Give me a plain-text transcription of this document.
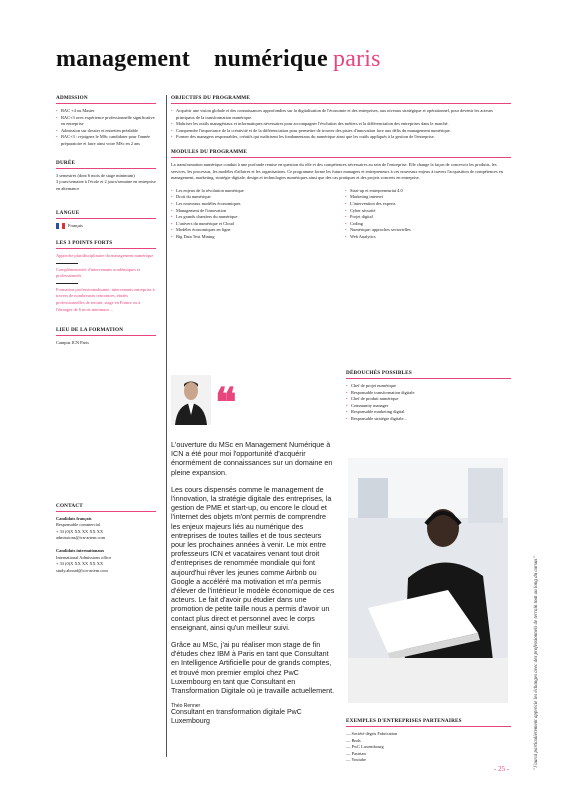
management numérique paris
ADMISSION
• BAC +4 ou Master
• BAC+3 avec expérience professionnelle significative en entreprise
• Admission sur dossier et entretien préalable
• BAC+3 : rejoignez le MSc candidater pour l'année préparatoire et faire ainsi votre MSc en 2 ans
DURÉE
3 semestres (dont 6 mois de stage minimum)
3 jours/semaine à l'école et 2 jours/semaine en entreprise en alternance
LANGUE
Français
LES 3 POINTS FORTS
Approche pluridisciplinaire du management numérique
Complémentarité d'intervenants académiques et professionnels
Formation professionnalisante: intervenants entreprise à travers de nombreuses rencontres, études professionnelles de terrain, stage en France ou à l'étranger de 6 mois minimum ...
LIEU DE LA FORMATION
Campus ICN Paris
CONTACT
Candidats français
Responsable commercial
+ 33 (0)X XX XX XX XX
admissions@icn-artem.com
Candidats internationaux
International Admissions office
+ 33 (0)X XX XX XX XX
study.abroad@icn-artem.com
OBJECTIFS DU PROGRAMME
• Acquérir une vision globale et des connaissances approfondies sur la digitalisation de l'économie et des entreprises, aux niveaux stratégique et opérationnel, pour devenir les acteurs principaux de la transformation numérique.
• Maîtriser les outils managériaux et informatiques nécessaires pour accompagner l'évolution des métiers et la différenciation des entreprises dans le marché.
• Comprendre l'importance de la créativité et de la différenciation pour permettre de trouver des pistes d'innovation face aux défis du management numérique.
• Former des managers responsables, créatifs qui maîtrisent les fondamentaux du numérique ainsi que les outils appliqués à la gestion de l'entreprise.
MODULES DU PROGRAMME
La transformation numérique conduit à une profonde remise en question du rôle et des compétences nécessaires au sein de l'entreprise. Elle change la façon de concevoir les produits, les services, les processus, les modèles d'affaires et les organisations. Ce programme forme les futurs managers et entrepreneurs à ces nouveaux enjeux à travers l'acquisition de compétences en management, marketing, stratégie digitale, design et technologies numériques ainsi que des cas pratiques et des projets concrets en entreprise.
• Les enjeux de la révolution numérique
• Droit du numérique
• Les nouveaux modèles économiques
• Management de l'innovation
• Les grands chantiers du numérique
• L'univers du numérique et Cloud
• Modèles économiques en ligne
• Big Data Text Mining
• Start-up et entrepreneuriat 4.0
• Marketing internet
• L'intervention des experts
• Cyber sécurité
• Projet digital
• Coding
• Numérique: approches sectorielles
• Web Analytics
❝

L'ouverture du MSc en Management Numérique à ICN a été pour moi l'opportunité d'acquérir énormément de connaissances sur un domaine en pleine expansion.

Les cours dispensés comme le management de l'innovation, la stratégie digitale des entreprises, la gestion de PME et start-up, ou encore le cloud et l'internet des objets m'ont permis de comprendre les enjeux majeurs liés au numérique des entreprises de toutes tailles et de tous secteurs pour les prochaines années à venir. Le mix entre professeurs ICN et vacataires venant tout droit d'entreprises de renommée mondiale qui font aujourd'hui rêver les jeunes comme Airbnb ou Google a accéléré ma motivation et m'a permis d'élever de l'intérieur le modèle économique de ces acteurs. Le fait d'avoir pu étudier dans une promotion de petite taille nous a permis d'avoir un contact plus direct et personnel avec le corps enseignant, ainsi qu'un meilleur suivi.

Grâce au MSc, j'ai pu réaliser mon stage de fin d'études chez IBM à Paris en tant que Consultant en Intelligence Artificielle pour de grands comptes, et trouvé mon premier emploi chez PwC Luxembourg en tant que Consultant en Transformation Digitale où je travaille actuellement.

Théo Renner
Consultant en transformation digitale PwC Luxembourg
DÉBOUCHÉS POSSIBLES
• Chef de projet numérique
• Responsable transformation digitale
• Chef de produit numérique
• Community manager
• Responsable marketing digital
• Responsable stratégie digitale...
EXEMPLES D'ENTREPRISES PARTENAIRES
— Société dégris Fabrication
— Bnds
— PwC Luxembourg
— Pastrian
— Youtube	"J'aurai particulièrement apprécié les échanges avec des professionnels de terrain tout au long du cursus"
- 25 -
